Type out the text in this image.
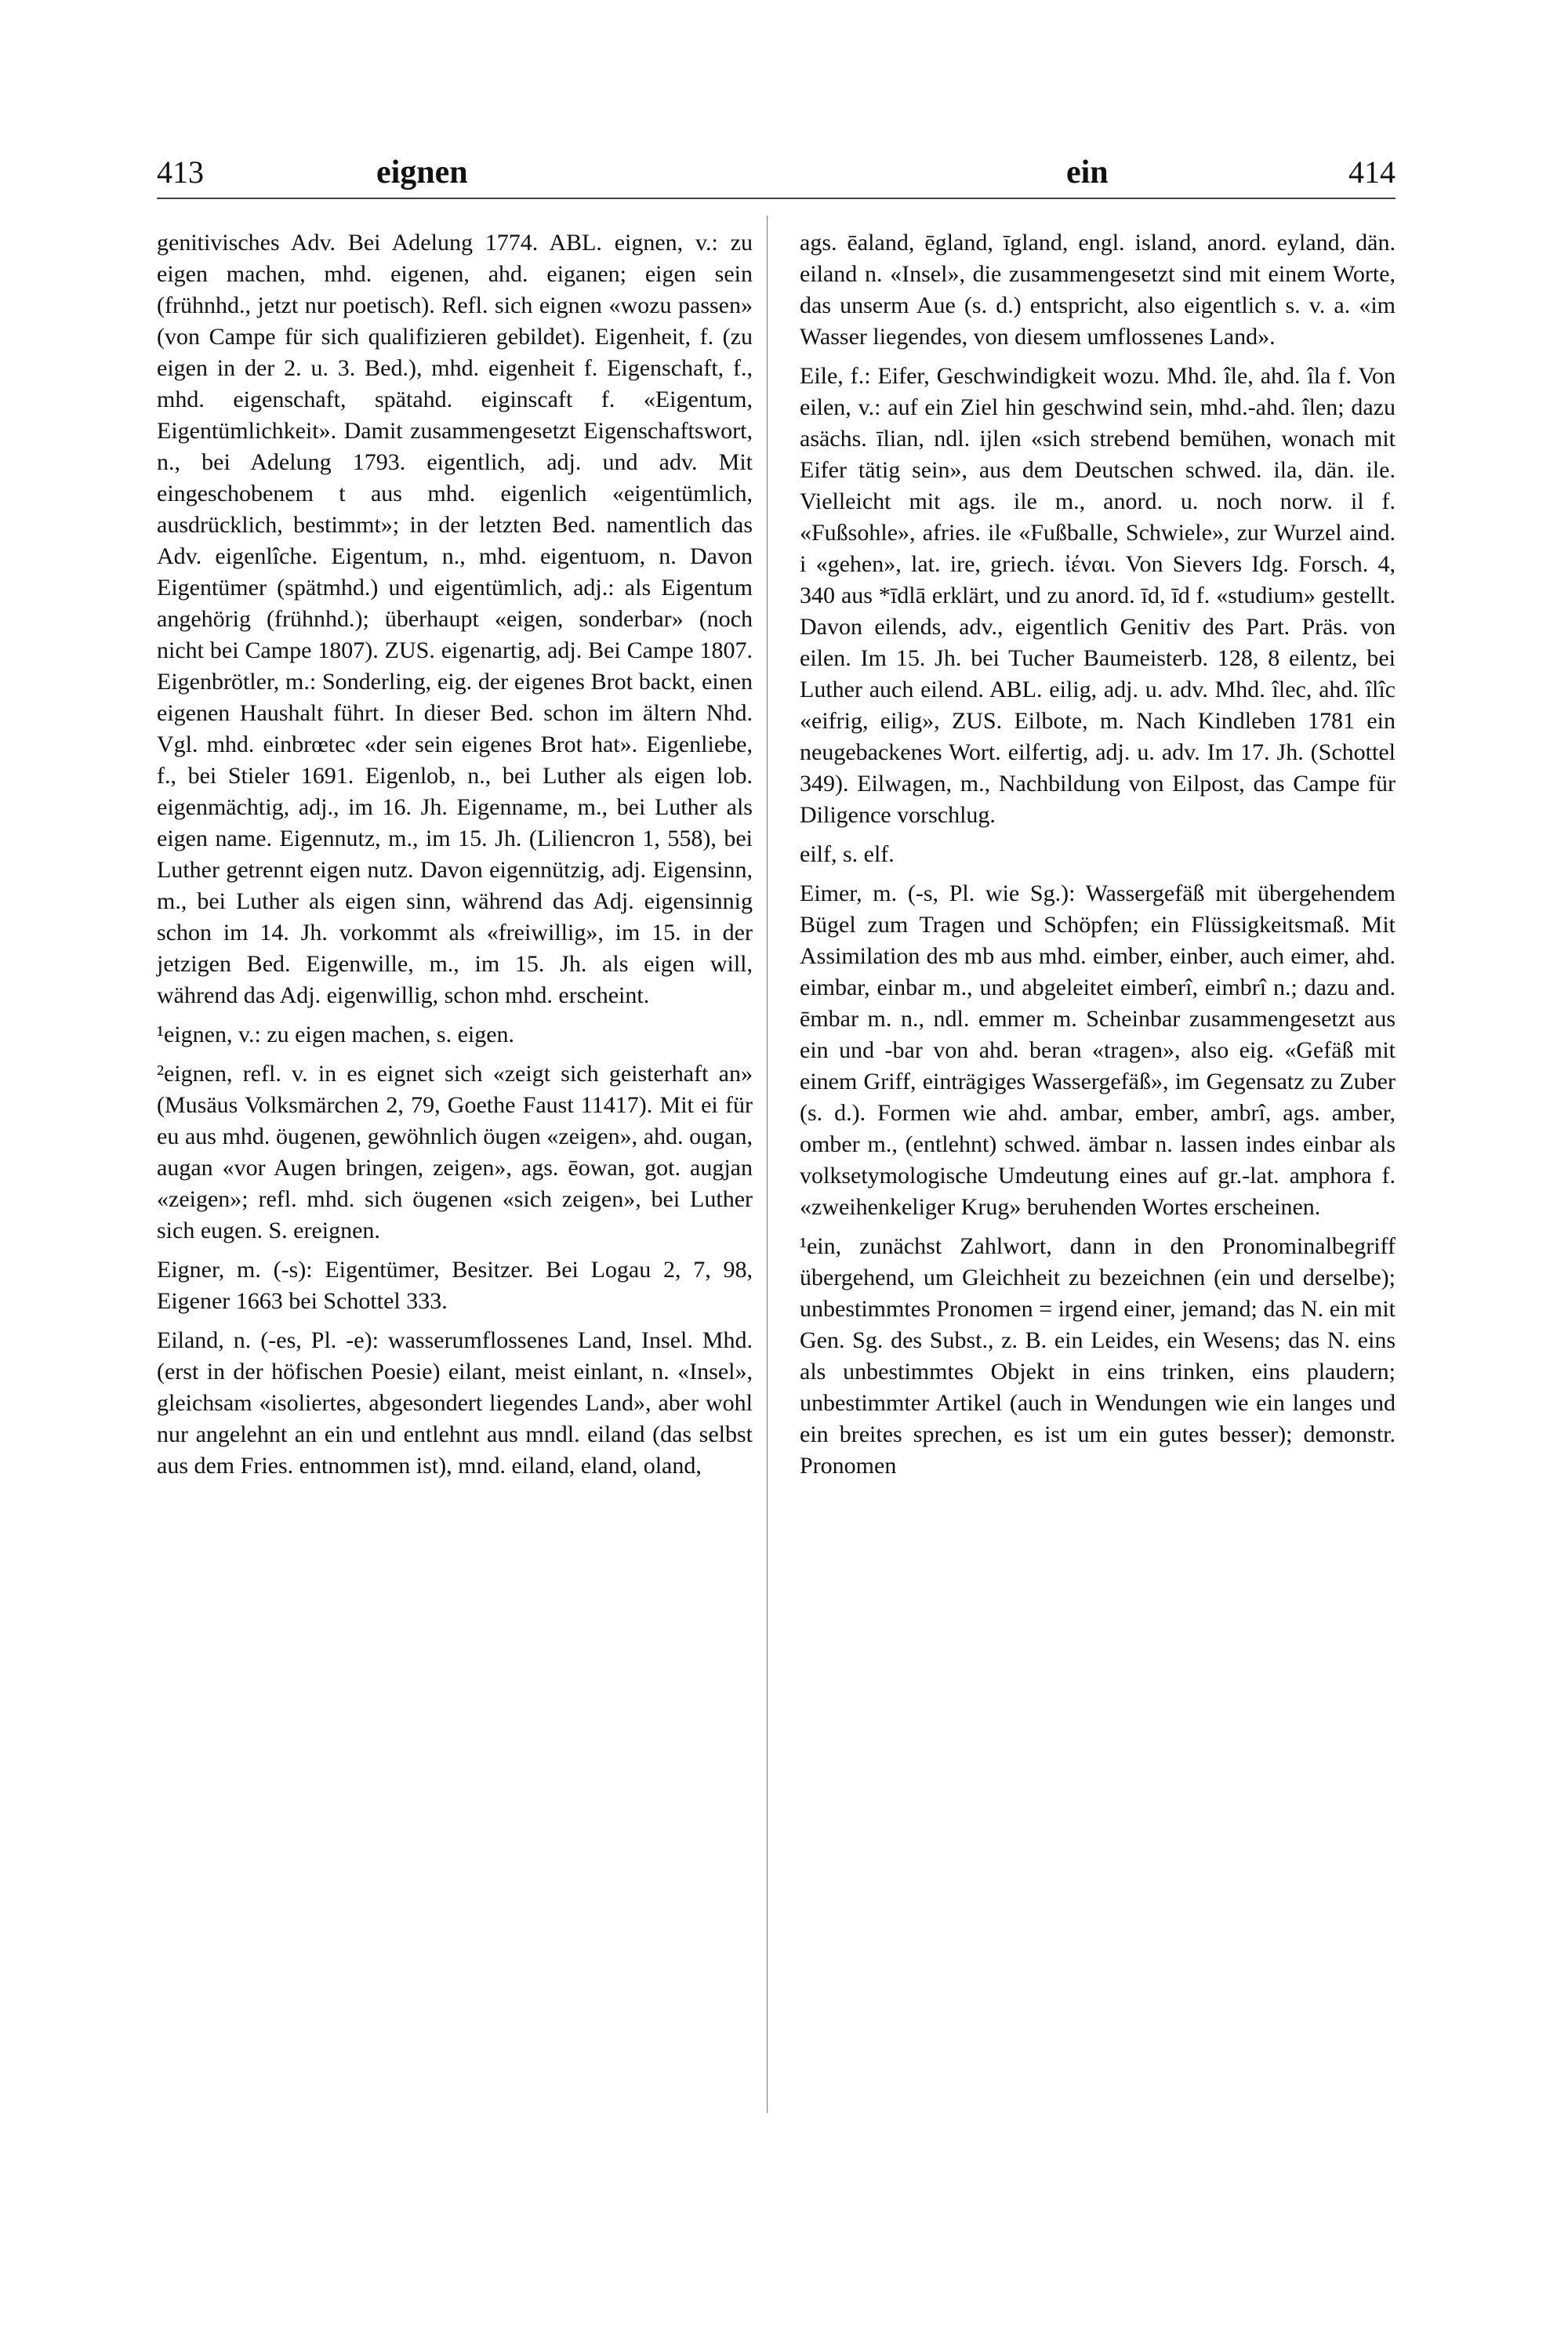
413	eignen	ein	414

genitivisches Adv. Bei Adelung 1774. ABL. eignen, v.: zu eigen machen, mhd. eigenen, ahd. eiganen; eigen sein (frühnhd., jetzt nur poetisch). Refl. sich eignen «wozu passen» (von Campe für sich qualifizieren gebildet). Eigenheit, f. (zu eigen in der 2. u. 3. Bed.), mhd. eigenheit f. Eigenschaft, f., mhd. eigenschaft, spätahd. eiginscaft f. «Eigentum, Eigentümlichkeit». Damit zusammengesetzt Eigenschaftswort, n., bei Adelung 1793. eigentlich, adj. und adv. Mit eingeschobenem t aus mhd. eigenlich «eigentümlich, ausdrücklich, bestimmt»; in der letzten Bed. namentlich das Adv. eigenlîche. Eigentum, n., mhd. eigentuom, n. Davon Eigentümer (spätmhd.) und eigentümlich, adj.: als Eigentum angehörig (frühnhd.); überhaupt «eigen, sonderbar» (noch nicht bei Campe 1807). ZUS. eigenartig, adj. Bei Campe 1807. Eigenbrötler, m.: Sonderling, eig. der eigenes Brot backt, einen eigenen Haushalt führt. In dieser Bed. schon im ältern Nhd. Vgl. mhd. einbrœtec «der sein eigenes Brot hat». Eigenliebe, f., bei Stieler 1691. Eigenlob, n., bei Luther als eigen lob. eigenmächtig, adj., im 16. Jh. Eigenname, m., bei Luther als eigen name. Eigennutz, m., im 15. Jh. (Liliencron 1, 558), bei Luther getrennt eigen nutz. Davon eigennützig, adj. Eigensinn, m., bei Luther als eigen sinn, während das Adj. eigensinnig schon im 14. Jh. vorkommt als «freiwillig», im 15. in der jetzigen Bed. Eigenwille, m., im 15. Jh. als eigen will, während das Adj. eigenwillig, schon mhd. erscheint.

¹eignen, v.: zu eigen machen, s. eigen.

²eignen, refl. v. in es eignet sich «zeigt sich geisterhaft an» (Musäus Volksmärchen 2, 79, Goethe Faust 11417). Mit ei für eu aus mhd. öugenen, gewöhnlich öugen «zeigen», ahd. ougan, augan «vor Augen bringen, zeigen», ags. ēowan, got. augjan «zeigen»; refl. mhd. sich öugenen «sich zeigen», bei Luther sich eugen. S. ereignen.

Eigner, m. (-s): Eigentümer, Besitzer. Bei Logau 2, 7, 98, Eigener 1663 bei Schottel 333.

Eiland, n. (-es, Pl. -e): wasserumflossenes Land, Insel. Mhd. (erst in der höfischen Poesie) eilant, meist einlant, n. «Insel», gleichsam «isoliertes, abgesondert liegendes Land», aber wohl nur angelehnt an ein und entlehnt aus mndl. eiland (das selbst aus dem Fries. entnommen ist), mnd. eiland, eland, oland,

ags. ēaland, ēgland, īgland, engl. island, anord. eyland, dän. eiland n. «Insel», die zusammengesetzt sind mit einem Worte, das unserm Aue (s. d.) entspricht, also eigentlich s. v. a. «im Wasser liegendes, von diesem umflossenes Land».

Eile, f.: Eifer, Geschwindigkeit wozu. Mhd. île, ahd. îla f. Von eilen, v.: auf ein Ziel hin geschwind sein, mhd.-ahd. îlen; dazu asächs. īlian, ndl. ijlen «sich strebend bemühen, wonach mit Eifer tätig sein», aus dem Deutschen schwed. ila, dän. ile. Vielleicht mit ags. ile m., anord. u. noch norw. il f. «Fußsohle», afries. ile «Fußballe, Schwiele», zur Wurzel aind. i «gehen», lat. ire, griech. ἰέναι. Von Sievers Idg. Forsch. 4, 340 aus *īdlā erklärt, und zu anord. īd, īd f. «studium» gestellt. Davon eilends, adv., eigentlich Genitiv des Part. Präs. von eilen. Im 15. Jh. bei Tucher Baumeisterb. 128, 8 eilentz, bei Luther auch eilend. ABL. eilig, adj. u. adv. Mhd. îlec, ahd. îlîc «eifrig, eilig», ZUS. Eilbote, m. Nach Kindleben 1781 ein neugebackenes Wort. eilfertig, adj. u. adv. Im 17. Jh. (Schottel 349). Eilwagen, m., Nachbildung von Eilpost, das Campe für Diligence vorschlug.

eilf, s. elf.

Eimer, m. (-s, Pl. wie Sg.): Wassergefäß mit übergehendem Bügel zum Tragen und Schöpfen; ein Flüssigkeitsmaß. Mit Assimilation des mb aus mhd. eimber, einber, auch eimer, ahd. eimbar, einbar m., und abgeleitet eimberî, eimbrî n.; dazu and. ēmbar m. n., ndl. emmer m. Scheinbar zusammengesetzt aus ein und -bar von ahd. beran «tragen», also eig. «Gefäß mit einem Griff, einträgiges Wassergefäß», im Gegensatz zu Zuber (s. d.). Formen wie ahd. ambar, ember, ambrî, ags. amber, omber m., (entlehnt) schwed. ämbar n. lassen indes einbar als volksetymologische Umdeutung eines auf gr.-lat. amphora f. «zweihenkeliger Krug» beruhenden Wortes erscheinen.

¹ein, zunächst Zahlwort, dann in den Pronominalbegriff übergehend, um Gleichheit zu bezeichnen (ein und derselbe); unbestimmtes Pronomen = irgend einer, jemand; das N. ein mit Gen. Sg. des Subst., z. B. ein Leides, ein Wesens; das N. eins als unbestimmtes Objekt in eins trinken, eins plaudern; unbestimmter Artikel (auch in Wendungen wie ein langes und ein breites sprechen, es ist um ein gutes besser); demonstr. Pronomen
